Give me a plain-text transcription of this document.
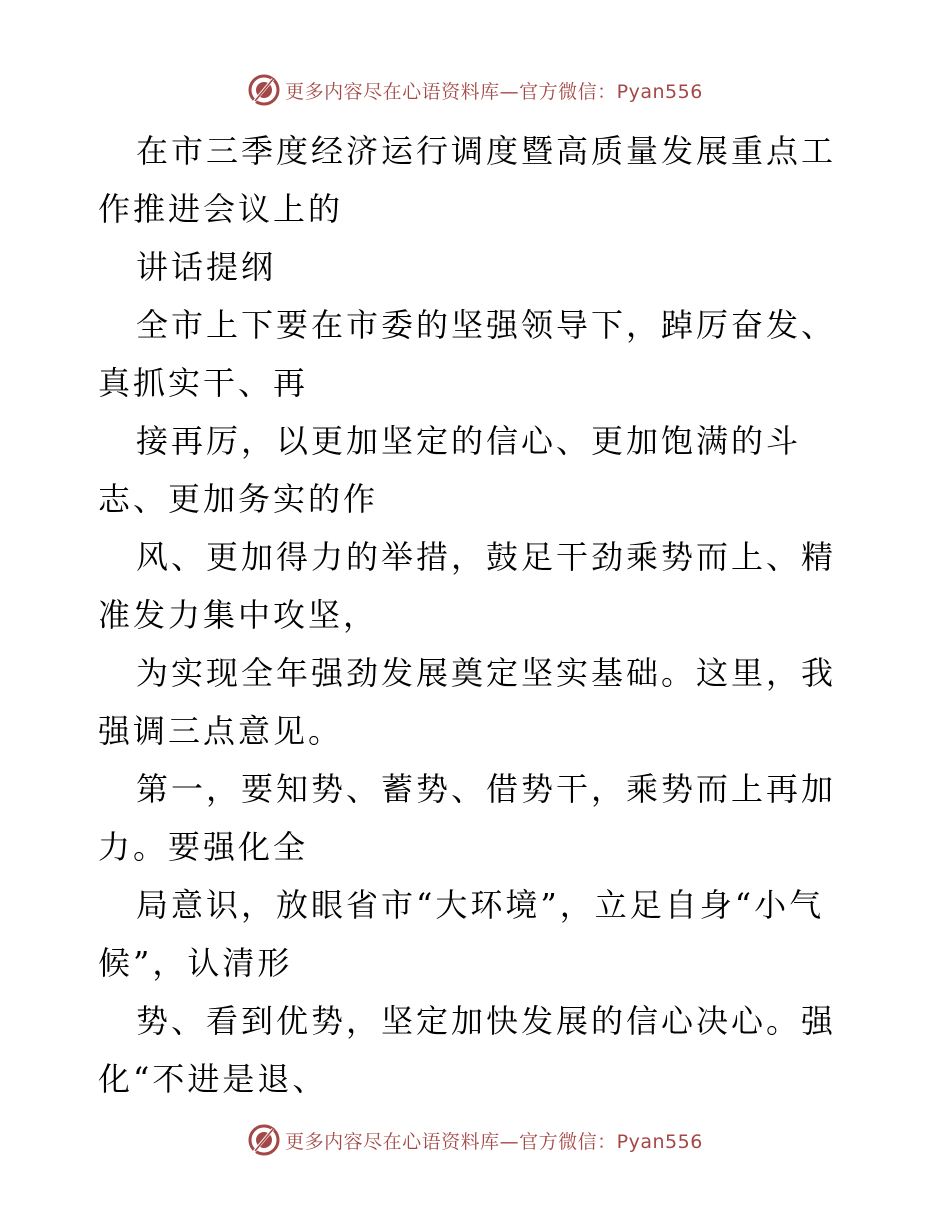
更多内容尽在心语资料库—官方微信：Pyan556

在市三季度经济运行调度暨高质量发展重点工作推进会议上的

讲话提纲

全市上下要在市委的坚强领导下，踔厉奋发、真抓实干、再

接再厉，以更加坚定的信心、更加饱满的斗志、更加务实的作

风、更加得力的举措，鼓足干劲乘势而上、精准发力集中攻坚，

为实现全年强劲发展奠定坚实基础。这里，我强调三点意见。

第一，要知势、蓄势、借势干，乘势而上再加力。要强化全

局意识，放眼省市“大环境”，立足自身“小气候”，认清形

势、看到优势，坚定加快发展的信心决心。强化“不进是退、

更多内容尽在心语资料库—官方微信：Pyan556
